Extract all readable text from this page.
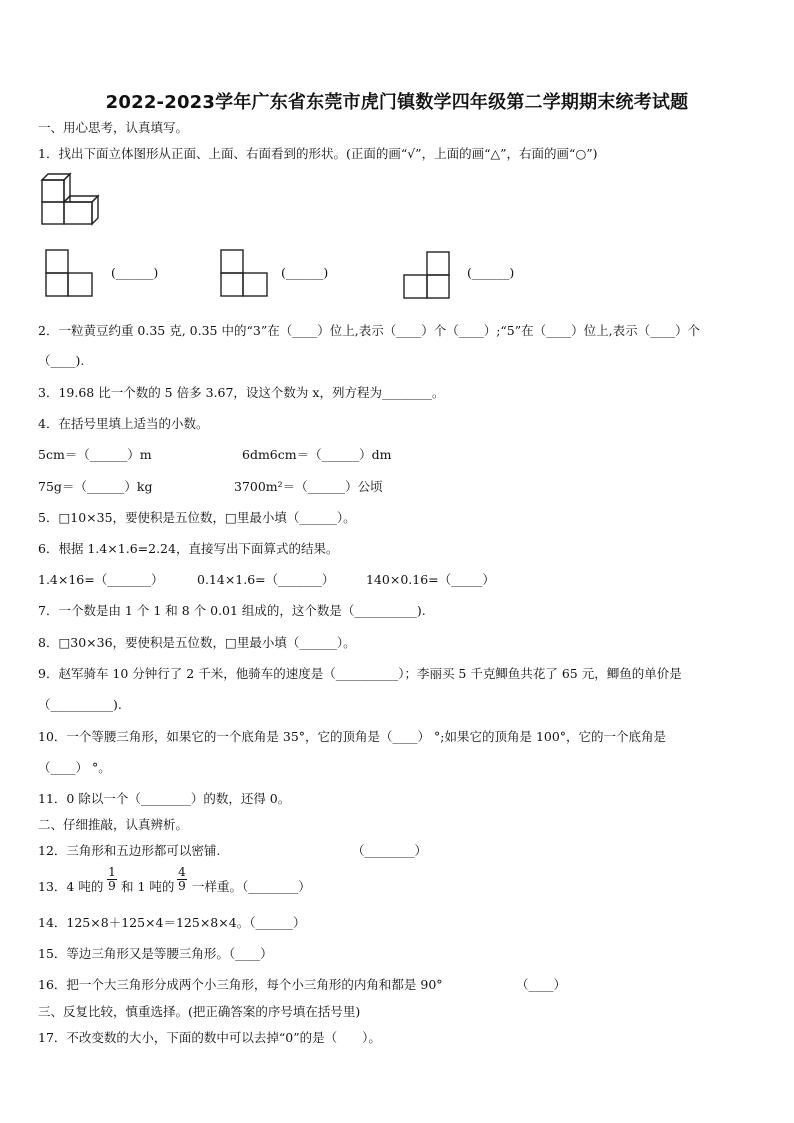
2022-2023学年广东省东莞市虎门镇数学四年级第二学期期末统考试题
一、用心思考，认真填写。
1．找出下面立体图形从正面、上面、右面看到的形状。(正面的画“√”，上面的画“△”，右面的画“○”)
(______)	(______)	(______)
2．一粒黄豆约重 0.35 克, 0.35 中的“3”在（____）位上,表示（____）个（____）;“5”在（____）位上,表示（____）个
（____).
3．19.68 比一个数的 5 倍多 3.67，设这个数为 x，列方程为________。
4．在括号里填上适当的小数。
5cm＝（______）m	6dm6cm＝（______）dm
75g＝（______）kg	3700m²＝（______）公顷
5．□10×35，要使积是五位数，□里最小填（______）。
6．根据 1.4×1.6=2.24，直接写出下面算式的结果。
1.4×16=（_______）	0.14×1.6=（_______）	140×0.16=（_____）
7．一个数是由 1 个 1 和 8 个 0.01 组成的，这个数是（__________).
8．□30×36，要使积是五位数，□里最小填（______）。
9．赵军骑车 10 分钟行了 2 千米，他骑车的速度是（__________）；李丽买 5 千克鲫鱼共花了 65 元，鲫鱼的单价是
（__________).
10．一个等腰三角形，如果它的一个底角是 35°，它的顶角是（____） °;如果它的顶角是 100°，它的一个底角是
（____） °。
11．0 除以一个（________）的数，还得 0。
二、仔细推敲，认真辨析。
12．三角形和五边形都可以密铺.	（________）
13．4 吨的
1
9 和 1 吨的
4
9 一样重。（________）
14．125×8＋125×4＝125×8×4。（______）
15．等边三角形又是等腰三角形。（____）
16．把一个大三角形分成两个小三角形，每个小三角形的内角和都是 90°	（____）
三、反复比较，慎重选择。(把正确答案的序号填在括号里)
17．不改变数的大小，下面的数中可以去掉“0”的是（　　）。
